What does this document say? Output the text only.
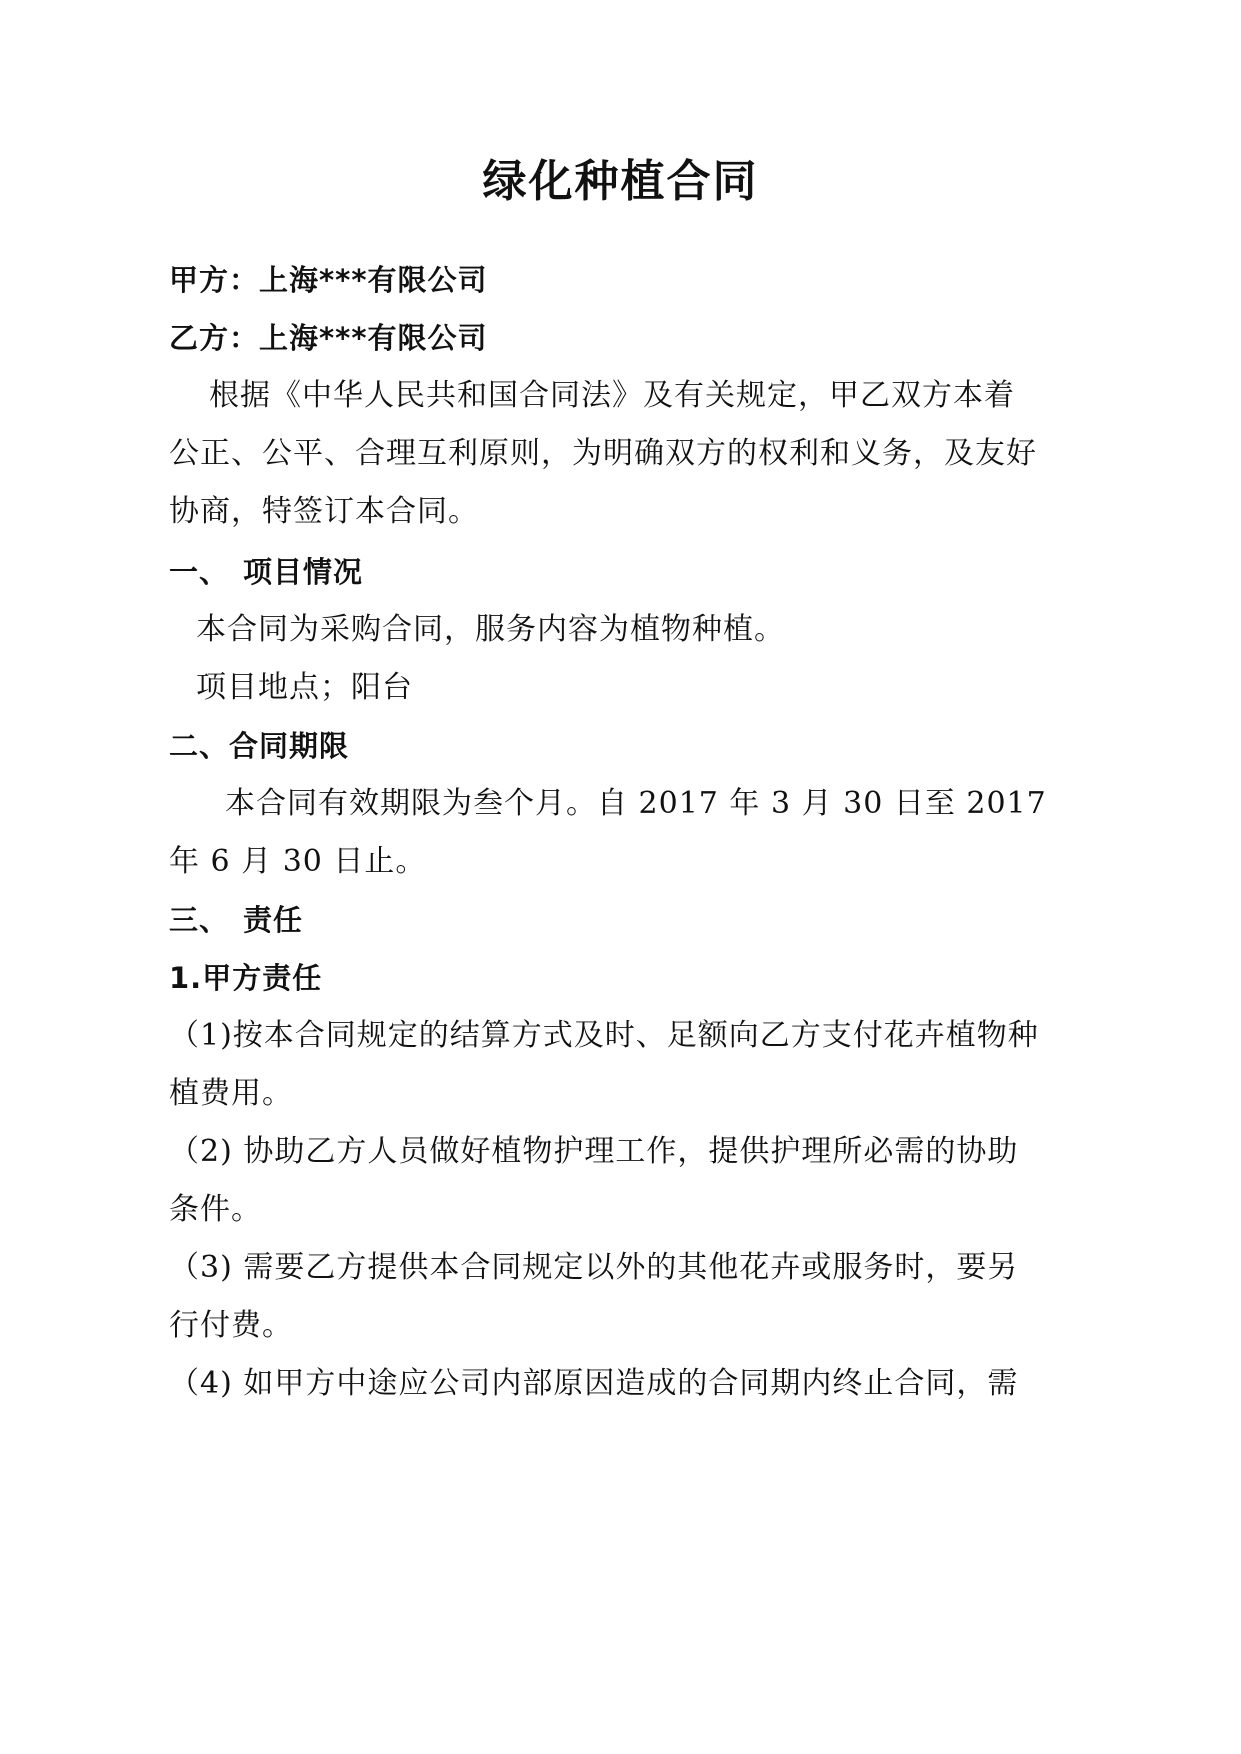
绿化种植合同
甲方：上海***有限公司
乙方：上海***有限公司
根据《中华人民共和国合同法》及有关规定，甲乙双方本着
公正、公平、合理互利原则，为明确双方的权利和义务，及友好
协商，特签订本合同。
一、 项目情况
本合同为采购合同，服务内容为植物种植。
项目地点；阳台
二、合同期限
本合同有效期限为叁个月。自 2017 年 3 月 30 日至 2017
年 6 月 30 日止。
三、 责任
1.甲方责任
（1)按本合同规定的结算方式及时、足额向乙方支付花卉植物种
植费用。
（2) 协助乙方人员做好植物护理工作，提供护理所必需的协助
条件。
（3) 需要乙方提供本合同规定以外的其他花卉或服务时，要另
行付费。
（4) 如甲方中途应公司内部原因造成的合同期内终止合同，需
